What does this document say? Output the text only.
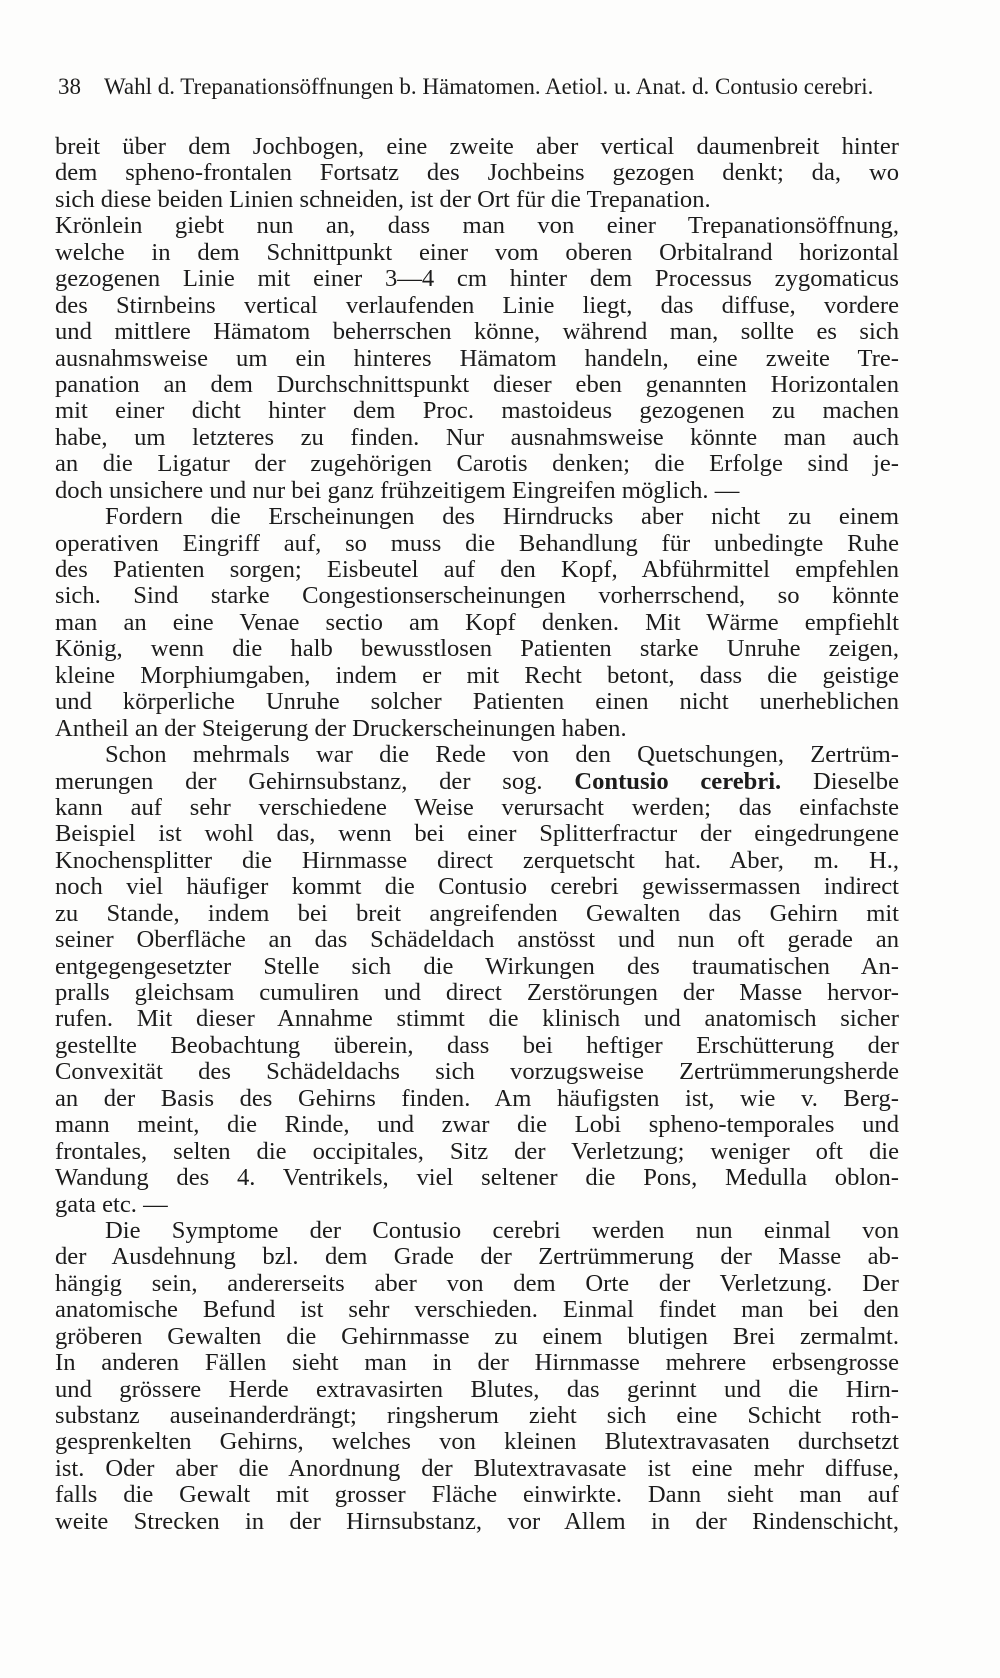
38 Wahl d. Trepanationsöffnungen b. Hämatomen. Aetiol. u. Anat. d. Contusio cerebri.
breit über dem Jochbogen, eine zweite aber vertical daumenbreit hinter
dem spheno-frontalen Fortsatz des Jochbeins gezogen denkt; da, wo
sich diese beiden Linien schneiden, ist der Ort für die Trepanation.
Krönlein giebt nun an, dass man von einer Trepanationsöffnung,
welche in dem Schnittpunkt einer vom oberen Orbitalrand horizontal
gezogenen Linie mit einer 3—4 cm hinter dem Processus zygomaticus
des Stirnbeins vertical verlaufenden Linie liegt, das diffuse, vordere
und mittlere Hämatom beherrschen könne, während man, sollte es sich
ausnahmsweise um ein hinteres Hämatom handeln, eine zweite Tre-
panation an dem Durchschnittspunkt dieser eben genannten Horizontalen
mit einer dicht hinter dem Proc. mastoideus gezogenen zu machen
habe, um letzteres zu finden. Nur ausnahmsweise könnte man auch
an die Ligatur der zugehörigen Carotis denken; die Erfolge sind je-
doch unsichere und nur bei ganz frühzeitigem Eingreifen möglich. —
Fordern die Erscheinungen des Hirndrucks aber nicht zu einem
operativen Eingriff auf, so muss die Behandlung für unbedingte Ruhe
des Patienten sorgen; Eisbeutel auf den Kopf, Abführmittel empfehlen
sich. Sind starke Congestionserscheinungen vorherrschend, so könnte
man an eine Venae sectio am Kopf denken. Mit Wärme empfiehlt
König, wenn die halb bewusstlosen Patienten starke Unruhe zeigen,
kleine Morphiumgaben, indem er mit Recht betont, dass die geistige
und körperliche Unruhe solcher Patienten einen nicht unerheblichen
Antheil an der Steigerung der Druckerscheinungen haben.
Schon mehrmals war die Rede von den Quetschungen, Zertrüm-
merungen der Gehirnsubstanz, der sog. Contusio cerebri. Dieselbe
kann auf sehr verschiedene Weise verursacht werden; das einfachste
Beispiel ist wohl das, wenn bei einer Splitterfractur der eingedrungene
Knochensplitter die Hirnmasse direct zerquetscht hat. Aber, m. H.,
noch viel häufiger kommt die Contusio cerebri gewissermassen indirect
zu Stande, indem bei breit angreifenden Gewalten das Gehirn mit
seiner Oberfläche an das Schädeldach anstösst und nun oft gerade an
entgegengesetzter Stelle sich die Wirkungen des traumatischen An-
pralls gleichsam cumuliren und direct Zerstörungen der Masse hervor-
rufen. Mit dieser Annahme stimmt die klinisch und anatomisch sicher
gestellte Beobachtung überein, dass bei heftiger Erschütterung der
Convexität des Schädeldachs sich vorzugsweise Zertrümmerungsherde
an der Basis des Gehirns finden. Am häufigsten ist, wie v. Berg-
mann meint, die Rinde, und zwar die Lobi spheno-temporales und
frontales, selten die occipitales, Sitz der Verletzung; weniger oft die
Wandung des 4. Ventrikels, viel seltener die Pons, Medulla oblon-
gata etc. —
Die Symptome der Contusio cerebri werden nun einmal von
der Ausdehnung bzl. dem Grade der Zertrümmerung der Masse ab-
hängig sein, andererseits aber von dem Orte der Verletzung. Der
anatomische Befund ist sehr verschieden. Einmal findet man bei den
gröberen Gewalten die Gehirnmasse zu einem blutigen Brei zermalmt.
In anderen Fällen sieht man in der Hirnmasse mehrere erbsengrosse
und grössere Herde extravasirten Blutes, das gerinnt und die Hirn-
substanz auseinanderdrängt; ringsherum zieht sich eine Schicht roth-
gesprenkelten Gehirns, welches von kleinen Blutextravasaten durchsetzt
ist. Oder aber die Anordnung der Blutextravasate ist eine mehr diffuse,
falls die Gewalt mit grosser Fläche einwirkte. Dann sieht man auf
weite Strecken in der Hirnsubstanz, vor Allem in der Rindenschicht,
